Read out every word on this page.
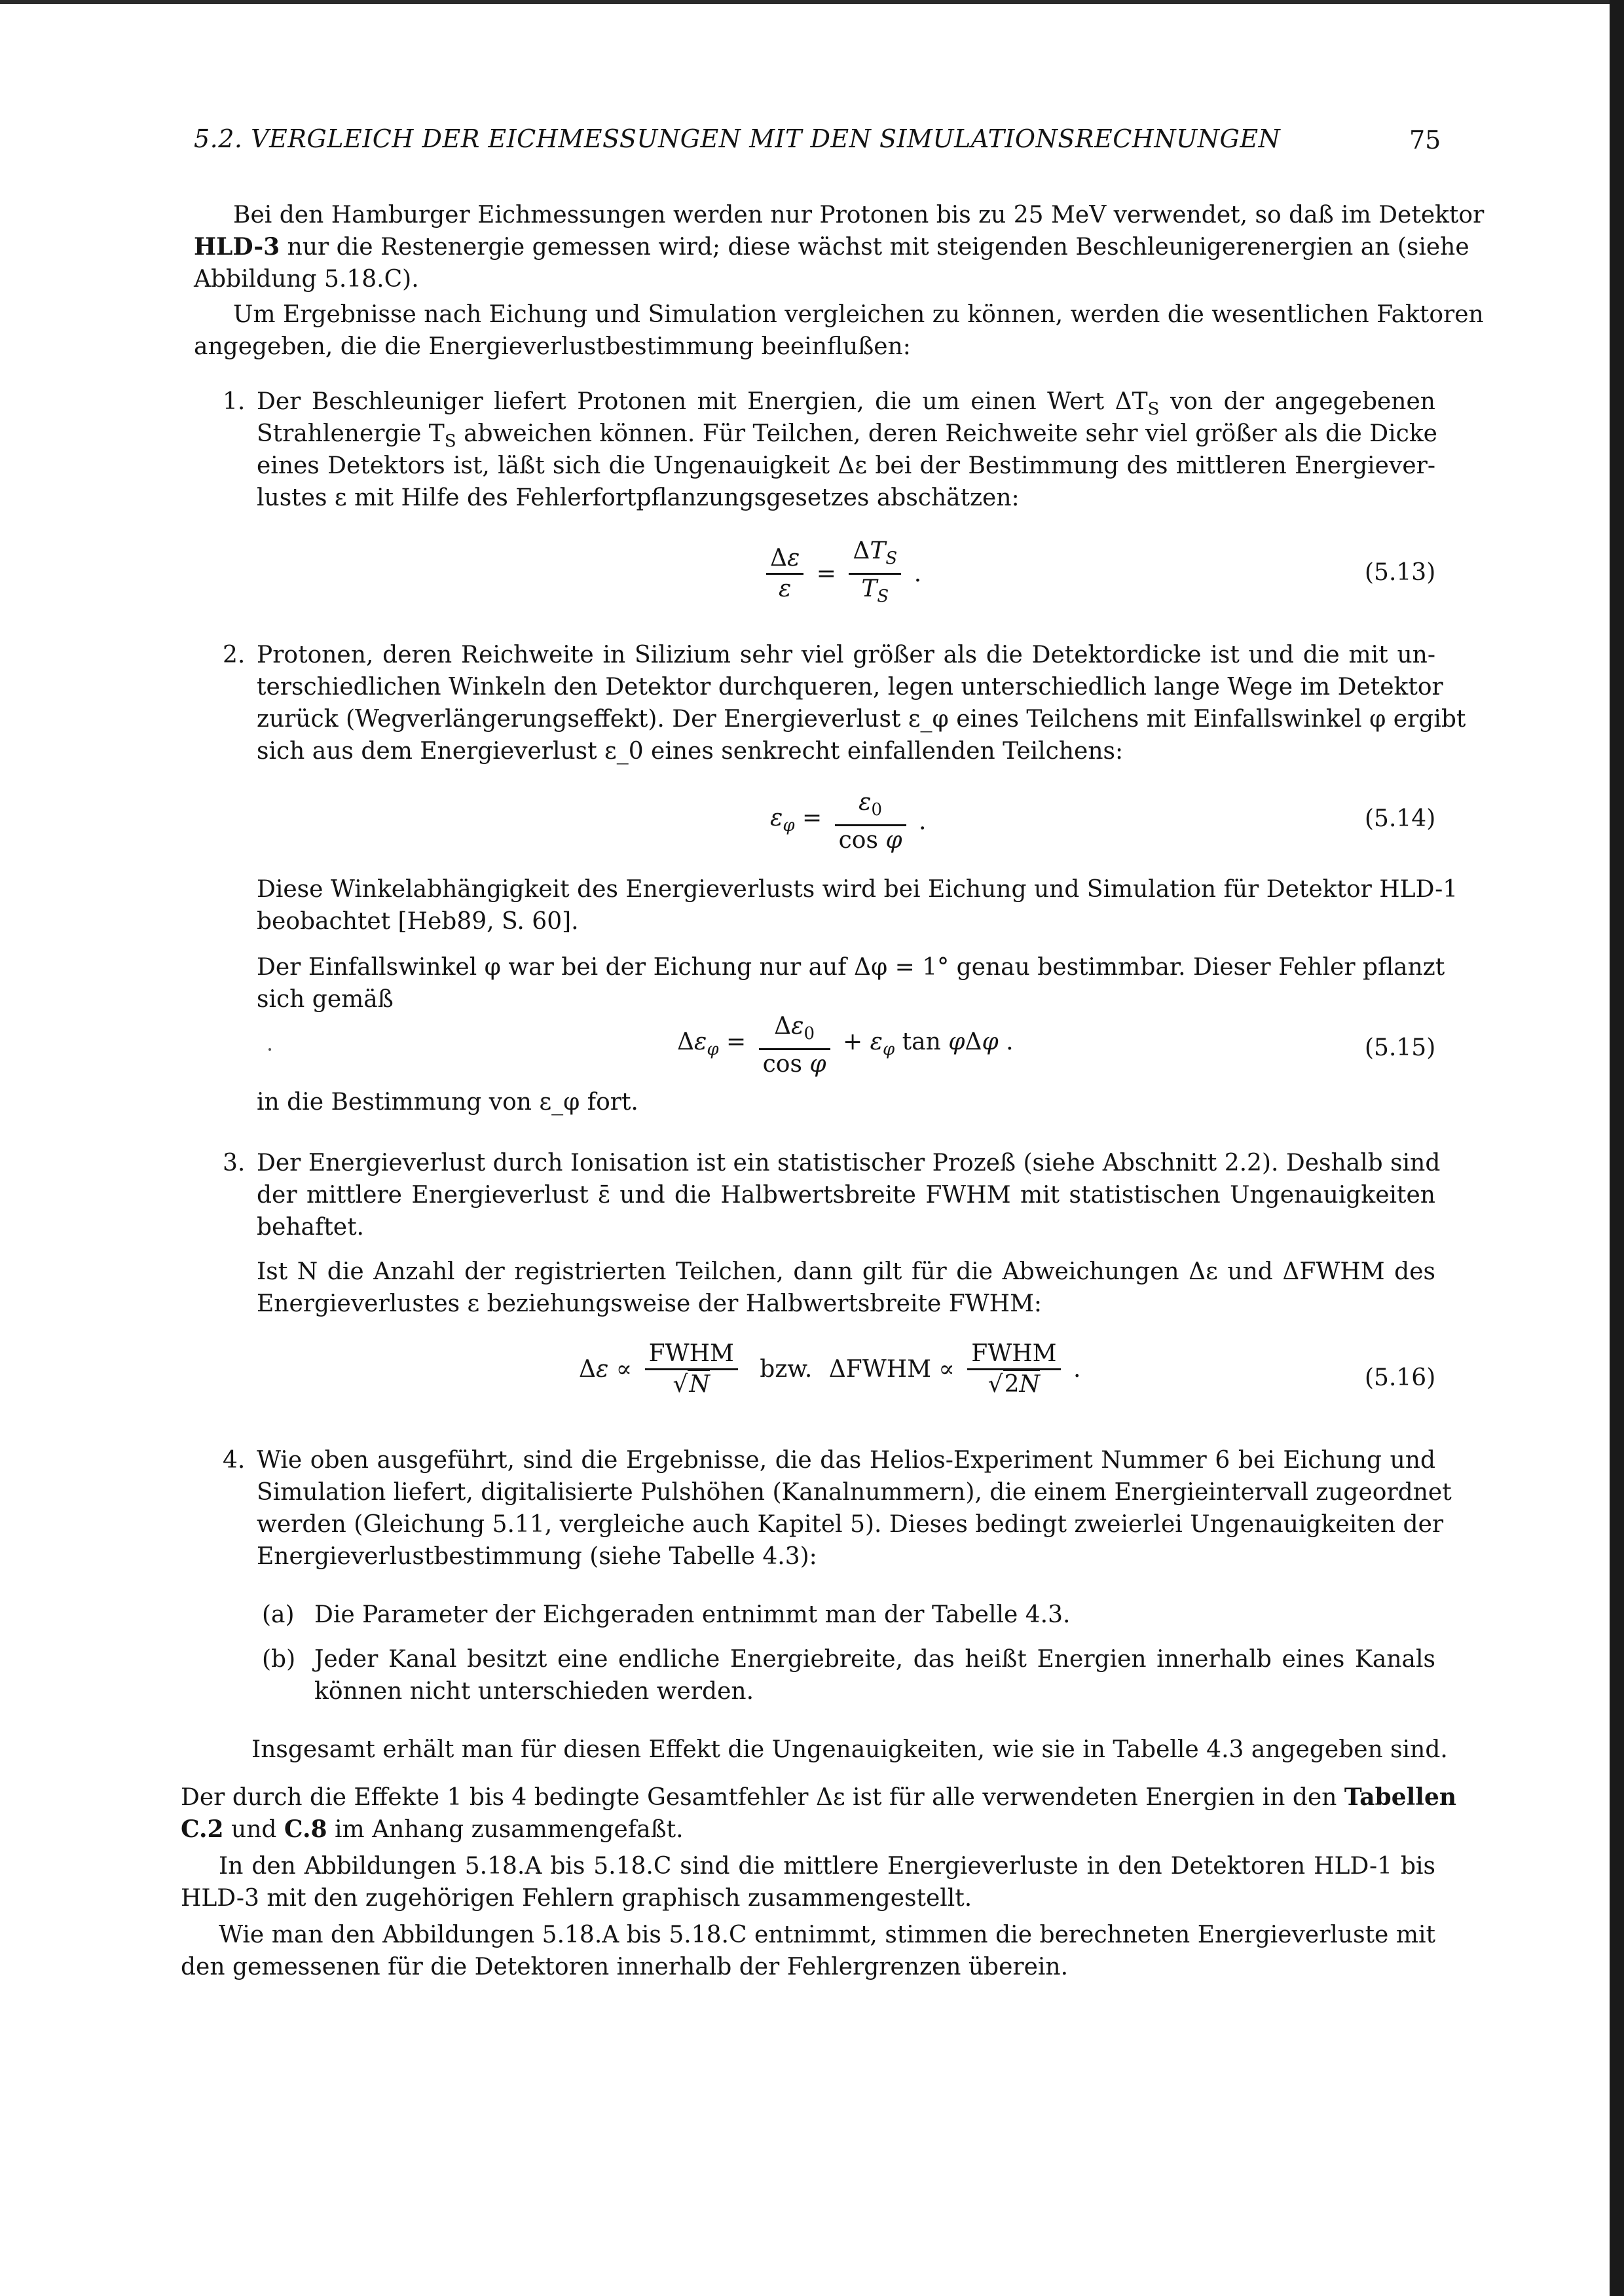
5.2. VERGLEICH DER EICHMESSUNGEN MIT DEN SIMULATIONSRECHNUNGEN	75
Bei den Hamburger Eichmessungen werden nur Protonen bis zu 25 MeV verwendet, so daß im Detektor
HLD-3 nur die Restenergie gemessen wird; diese wächst mit steigenden Beschleunigerenergien an (siehe
Abbildung 5.18.C).
Um Ergebnisse nach Eichung und Simulation vergleichen zu können, werden die wesentlichen Faktoren
angegeben, die die Energieverlustbestimmung beeinflußen:
1. Der Beschleuniger liefert Protonen mit Energien, die um einen Wert $\Delta T_S$ von der angegebenen
Strahlenergie $T_S$ abweichen können. Für Teilchen, deren Reichweite sehr viel größer als die Dicke
eines Detektors ist, läßt sich die Ungenauigkeit Δε bei der Bestimmung des mittleren Energiever-
lustes ε mit Hilfe des Fehlerfortpflanzungsgesetzes abschätzen:
$\frac{\Delta\varepsilon}{\varepsilon} = \frac{\Delta T_S}{T_S}$ .	(5.13)
2. Protonen, deren Reichweite in Silizium sehr viel größer als die Detektordicke ist und die mit un-
terschiedlichen Winkeln den Detektor durchqueren, legen unterschiedlich lange Wege im Detektor
zurück (Wegverlängerungseffekt). Der Energieverlust ε_φ eines Teilchens mit Einfallswinkel φ ergibt
sich aus dem Energieverlust ε_0 eines senkrecht einfallenden Teilchens:
$\varepsilon_\varphi = \frac{\varepsilon_0}{\text{cos φ}}$ .	(5.14)
Diese Winkelabhängigkeit des Energieverlusts wird bei Eichung und Simulation für Detektor HLD-1
beobachtet [Heb89, S. 60].
Der Einfallswinkel φ war bei der Eichung nur auf Δφ = 1° genau bestimmbar. Dieser Fehler pflanzt
sich gemäß
$\Delta\varepsilon_\varphi = \frac{\Delta\varepsilon_0}{\text{cos φ}} + \varepsilon_\varphi$ tan φΔφ .	(5.15)
in die Bestimmung von ε_φ fort.
3. Der Energieverlust durch Ionisation ist ein statistischer Prozeß (siehe Abschnitt 2.2). Deshalb sind
der mittlere Energieverlust ε̄ und die Halbwertsbreite FWHM mit statistischen Ungenauigkeiten
behaftet.
Ist N die Anzahl der registrierten Teilchen, dann gilt für die Abweichungen Δε und ΔFWHM des
Energieverlustes ε beziehungsweise der Halbwertsbreite FWHM:
$\Delta\varepsilon \propto \frac{\text{FWHM}}{√N}$ bzw. ΔFWHM ∝ $\frac{\text{FWHM}}{√2N}$ .	(5.16)
4. Wie oben ausgeführt, sind die Ergebnisse, die das Helios-Experiment Nummer 6 bei Eichung und
Simulation liefert, digitalisierte Pulshöhen (Kanalnummern), die einem Energieintervall zugeordnet
werden (Gleichung 5.11, vergleiche auch Kapitel 5). Dieses bedingt zweierlei Ungenauigkeiten der
Energieverlustbestimmung (siehe Tabelle 4.3):
(a) Die Parameter der Eichgeraden entnimmt man der Tabelle 4.3.
(b) Jeder Kanal besitzt eine endliche Energiebreite, das heißt Energien innerhalb eines Kanals
können nicht unterschieden werden.
Insgesamt erhält man für diesen Effekt die Ungenauigkeiten, wie sie in Tabelle 4.3 angegeben sind.
Der durch die Effekte 1 bis 4 bedingte Gesamtfehler Δε ist für alle verwendeten Energien in den Tabellen
C.2 und C.8 im Anhang zusammengefaßt.
In den Abbildungen 5.18.A bis 5.18.C sind die mittlere Energieverluste in den Detektoren HLD-1 bis
HLD-3 mit den zugehörigen Fehlern graphisch zusammengestellt.
Wie man den Abbildungen 5.18.A bis 5.18.C entnimmt, stimmen die berechneten Energieverluste mit
den gemessenen für die Detektoren innerhalb der Fehlergrenzen überein.
